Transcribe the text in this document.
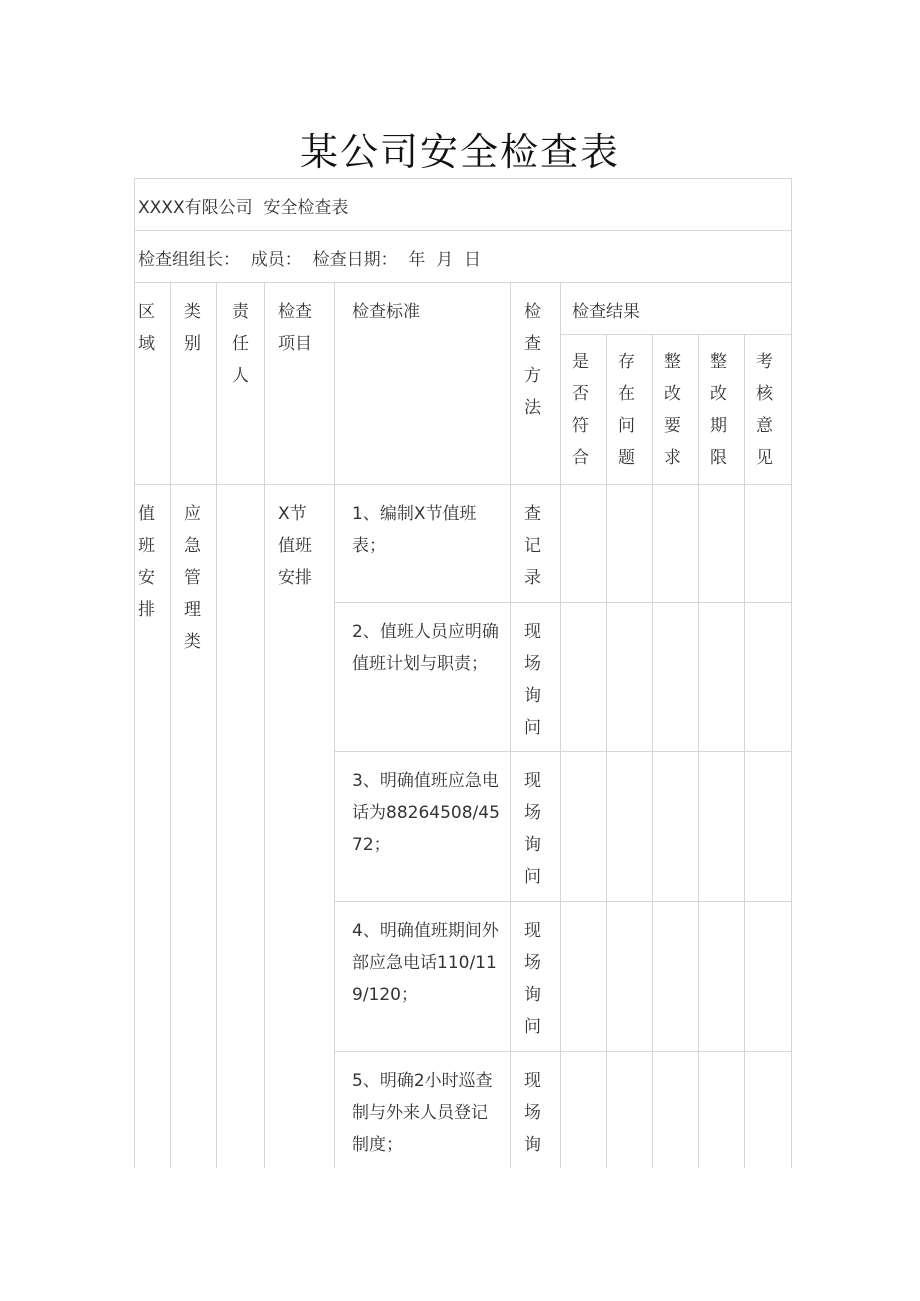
某公司安全检查表
XXXX有限公司  安全检查表
检查组组长：  成员：  检查日期：  年  月  日
区
域
类
别
责
任
人
检查
项目
检查标准	检
查
方
法
检查结果
是
否
符
合
存
在
问
题
整
改
要
求
整
改
期
限
考
核
意
见
值
班
安
排
应
急
管
理
类
X节
值班
安排
1、编制X节值班表；
查
记
录
2、值班人员应明确值班计划与职责；
现
场
询
问
3、明确值班应急电话为88264508/4572；
现
场
询
问
4、明确值班期间外部应急电话110/119/120；
现
场
询
问
5、明确2小时巡查制与外来人员登记制度；
现
场
询
